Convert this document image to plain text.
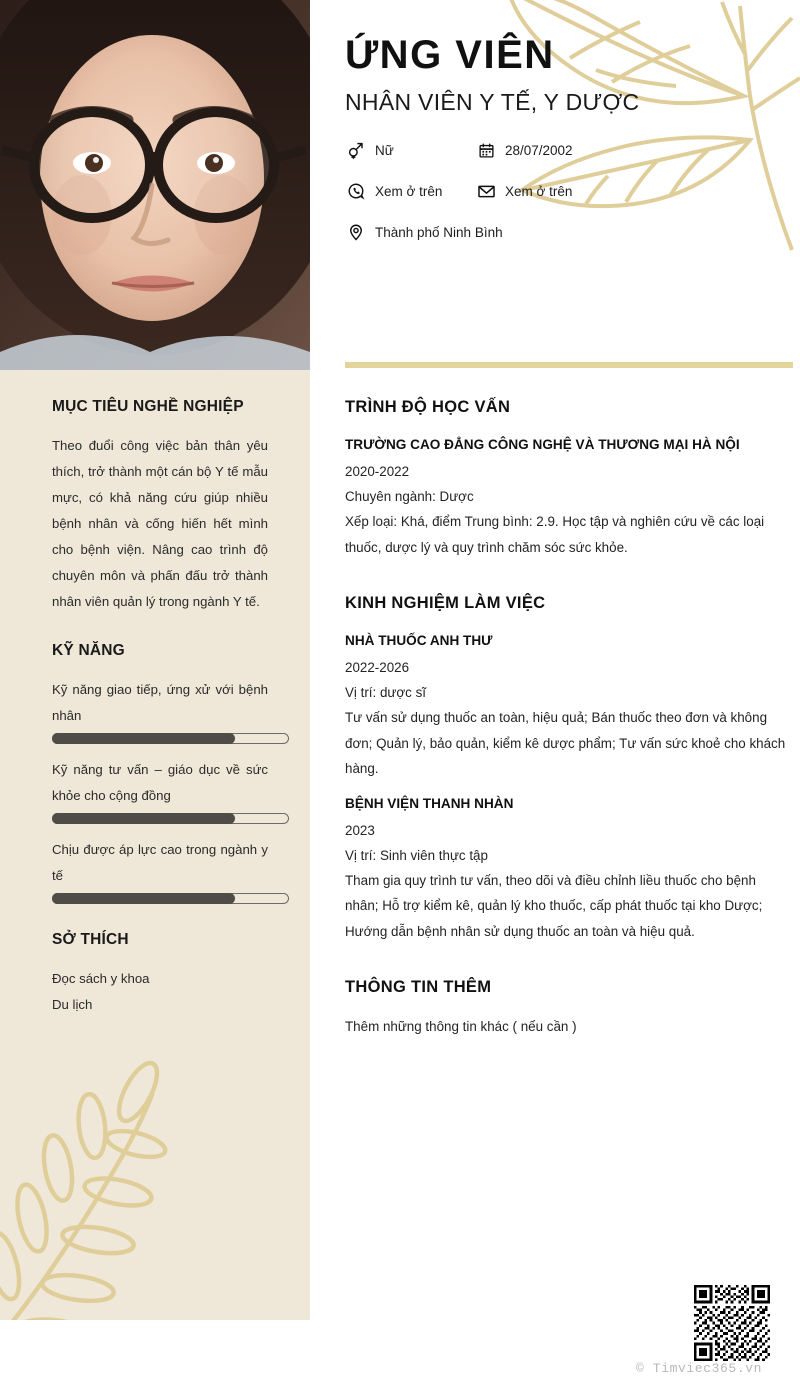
MỤC TIÊU NGHỀ NGHIỆP
Theo đuổi công việc bản thân yêu thích, trở thành một cán bộ Y tế mẫu mực, có khả năng cứu giúp nhiều bệnh nhân và cống hiến hết mình cho bệnh viện. Nâng cao trình độ chuyên môn và phấn đấu trở thành nhân viên quản lý trong ngành Y tế.
KỸ NĂNG
Kỹ năng giao tiếp, ứng xử với bệnh nhân
Kỹ năng tư vấn – giáo dục về sức khỏe cho cộng đồng
Chịu được áp lực cao trong ngành y tế
SỞ THÍCH
Đọc sách y khoa
Du lịch
ỨNG VIÊN
NHÂN VIÊN Y TẾ, Y DƯỢC
Nữ	28/07/2002
Xem ở trên	Xem ở trên
Thành phố Ninh Bình
TRÌNH ĐỘ HỌC VẤN
TRƯỜNG CAO ĐẲNG CÔNG NGHỆ VÀ THƯƠNG MẠI HÀ NỘI
2020-2022
Chuyên ngành: Dược
Xếp loại: Khá, điểm Trung bình: 2.9. Học tập và nghiên cứu về các loại thuốc, dược lý và quy trình chăm sóc sức khỏe.
KINH NGHIỆM LÀM VIỆC
NHÀ THUỐC ANH THƯ
2022-2026
Vị trí: dược sĩ
Tư vấn sử dụng thuốc an toàn, hiệu quả; Bán thuốc theo đơn và không đơn; Quản lý, bảo quản, kiểm kê dược phẩm; Tư vấn sức khoẻ cho khách hàng.
BỆNH VIỆN THANH NHÀN
2023
Vị trí: Sinh viên thực tập
Tham gia quy trình tư vấn, theo dõi và điều chỉnh liều thuốc cho bệnh nhân; Hỗ trợ kiểm kê, quản lý kho thuốc, cấp phát thuốc tại kho Dược; Hướng dẫn bệnh nhân sử dụng thuốc an toàn và hiệu quả.
THÔNG TIN THÊM
Thêm những thông tin khác ( nếu cần )
© Timviec365.vn
